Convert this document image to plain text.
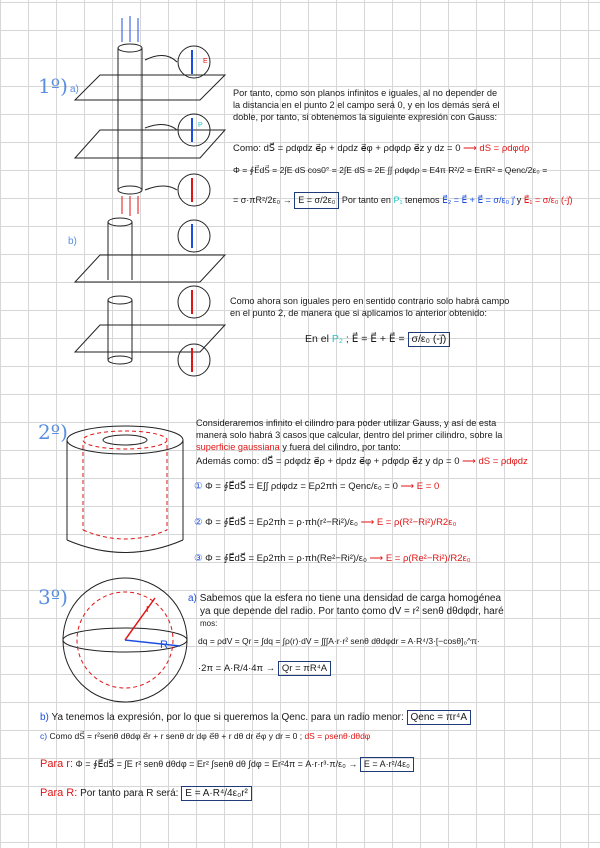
1º) a)
b)
E
P
Por tanto, como son planos infinitos e iguales, al no depender de
la distancia en el punto 2 el campo será 0, y en los demás será el
doble, por tanto, si obtenemos la siguiente expresión con Gauss:
Como: dS⃗ = ρdφdz e⃗ρ + dρdz e⃗φ + ρdφdρ e⃗z y dz = 0 ⟶ dS = ρdφdρ
Φ = ∮E⃗dS⃗ = 2∫E dS cos0° = 2∫E dS = 2E ∫∫ ρdφdρ = E4π R²/2 = EπR² = Qenc/2ε₀ =
= σ·πR²/2ε₀ → E = σ/2ε₀ Por tanto en P₁ tenemos E⃗₂ = E⃗ + E⃗ = σ/ε₀ j⃗ y E⃗₁ = σ/ε₀ (-j⃗)
Como ahora son iguales pero en sentido contrario solo habrá campo
en el punto 2, de manera que si aplicamos lo anterior obtenido:
En el P₂ ; E⃗ = E⃗ + E⃗ = σ/ε₀ (-j⃗)
2º)	Consideraremos infinito el cilindro para poder utilizar Gauss, y así de esta
manera solo habrá 3 casos que calcular, dentro del primer cilindro, sobre la
superficie gaussiana y fuera del cilindro, por tanto:
Además como: dS⃗ = ρdφdz e⃗ρ + dρdz e⃗φ + ρdφdρ e⃗z y dρ = 0 ⟶ dS = ρdφdz
① Φ = ∮E⃗dS⃗ = E∫∫ ρdφdz = Eρ2πh = Qenc/ε₀ = 0 ⟶ E = 0
② Φ = ∮E⃗dS⃗ = Eρ2πh = ρ·πh(r²−Ri²)/ε₀ ⟶ E = ρ(R²−Ri²)/R2ε₀
③ Φ = ∮E⃗dS⃗ = Eρ2πh = ρ·πh(Re²−Ri²)/ε₀ ⟶ E = ρ(Re²−Ri²)/R2ε₀
3º)	r
R
a) Sabemos que la esfera no tiene una densidad de carga homogénea
ya que depende del radio. Por tanto como dV = r² senθ dθdφdr, haré
mos:
dq = ρdV = Qr = ∫dq = ∫ρ(r)·dV = ∫∫∫A·r·r² senθ dθdφdr = A·R⁴/3·[−cosθ]₀^π·
·2π = A·R/4·4π → Qr = πR⁴A
b) Ya tenemos la expresión, por lo que si queremos la Qenc. para un radio menor: Qenc = πr⁴A
c) Como dS⃗ = r²senθ dθdφ e⃗r + r senθ dr dφ e⃗θ + r dθ dr e⃗φ y dr = 0 ; dS = ρsenθ·dθdφ
Para r: Φ = ∮E⃗dS⃗ = ∫E r² senθ dθdφ = Er² ∫senθ dθ ∫dφ = Er²4π = A·r·r³·π/ε₀ → E = A·r²/4ε₀
Para R: Por tanto para R será: E = A·R⁴/4ε₀r²
